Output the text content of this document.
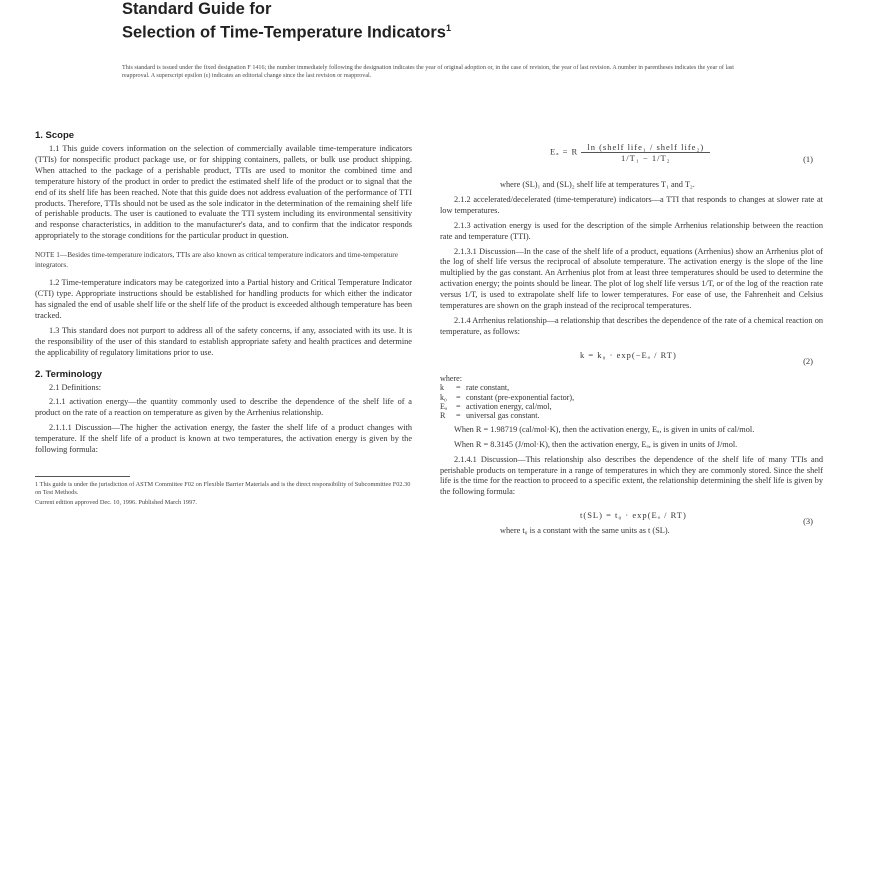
Standard Guide for
Selection of Time-Temperature Indicators$^1$
This standard is issued under the fixed designation F 1416; the number immediately following the designation indicates the year of original adoption or, in the case of revision, the year of last revision. A number in parentheses indicates the year of last reapproval. A superscript epsilon (ε) indicates an editorial change since the last revision or reapproval.
1. Scope

1.1 This guide covers information on the selection of commercially available time-temperature indicators (TTIs) for nonspecific product package use, or for shipping containers, pallets, or bulk use product shipping. When attached to the package of a perishable product, TTIs are used to monitor the combined time and temperature history of the product in order to predict the estimated shelf life of the product or to signal that the end of its shelf life has been reached. Note that this guide does not address evaluation of the performance of TTI products. Therefore, TTIs should not be used as the sole indicator in the determination of the remaining shelf life of perishable products. The user is cautioned to evaluate the TTI system including its environmental sensitivity and response characteristics, in addition to the manufacturer's data, and to confirm that the indicator responds appropriately to the storage conditions for the particular product in question.

NOTE 1—Besides time-temperature indicators, TTIs are also known as critical temperature indicators and time-temperature integrators.

1.2 Time-temperature indicators may be categorized into a Partial history and Critical Temperature Indicator (CTI) type. Appropriate instructions should be established for handling products for which either the indicator has signaled the end of usable shelf life or the shelf life of the product is exceeded although temperature has been tracked.

1.3 This standard does not purport to address all of the safety concerns, if any, associated with its use. It is the responsibility of the user of this standard to establish appropriate safety and health practices and determine the applicability of regulatory limitations prior to use.

2. Terminology

2.1 Definitions:

2.1.1 activation energy—the quantity commonly used to describe the dependence of the shelf life of a product on the rate of a reaction on temperature as given by the Arrhenius relationship.

2.1.1.1 Discussion—The higher the activation energy, the faster the shelf life of a product changes with temperature. If the shelf life of a product is known at two temperatures, the activation energy is given by the following formula:

1 This guide is under the jurisdiction of ASTM Committee F02 on Flexible Barrier Materials and is the direct responsibility of Subcommittee F02.30 on Test Methods.
Current edition approved Dec. 10, 1996. Published March 1997.
Eₐ = R ln (shelf life₁ / shelf life₂)
1/T₁ − 1/T₂	(1)

where (SL)₁ and (SL)₂ shelf life at temperatures T₁ and T₂.

2.1.2 accelerated/decelerated (time-temperature) indicators—a TTI that responds to changes at slower rate at low temperatures.

2.1.3 activation energy is used for the description of the simple Arrhenius relationship between the reaction rate and temperature (TTI).

2.1.3.1 Discussion—In the case of the shelf life of a product, equations (Arrhenius) show an Arrhenius plot of the log of shelf life versus the reciprocal of absolute temperature. The activation energy is the slope of the line multiplied by the gas constant. An Arrhenius plot from at least three temperatures should be used to determine the activation energy; the points should be linear. The plot of log shelf life versus 1/T, or of the log of the reaction rate versus 1/T, is used to extrapolate shelf life to lower temperatures. For ease of use, the Fahrenheit and Celsius temperatures are shown on the graph instead of the reciprocal temperatures.

2.1.4 Arrhenius relationship—a relationship that describes the dependence of the rate of a chemical reaction on temperature, as follows:

k = k₀ · exp(−Eₐ / RT)
(2)
where:
k	= rate constant,
k₀	= constant (pre-exponential factor),
Eₐ	= activation energy, cal/mol,
R	= universal gas constant.

When R = 1.98719 (cal/mol·K), then the activation energy, Eₐ, is given in units of cal/mol.

When R = 8.3145 (J/mol·K), then the activation energy, Eₐ, is given in units of J/mol.

2.1.4.1 Discussion—This relationship also describes the dependence of the shelf life of many TTIs and perishable products on temperature in a range of temperatures in which they are commonly stored. Since the shelf life is the time for the reaction to proceed to a specific extent, the relationship determining the shelf life is given by the following formula:

t(SL) = t₀ · exp(Eₐ / RT)
(3)

where t₀ is a constant with the same units as t (SL).
